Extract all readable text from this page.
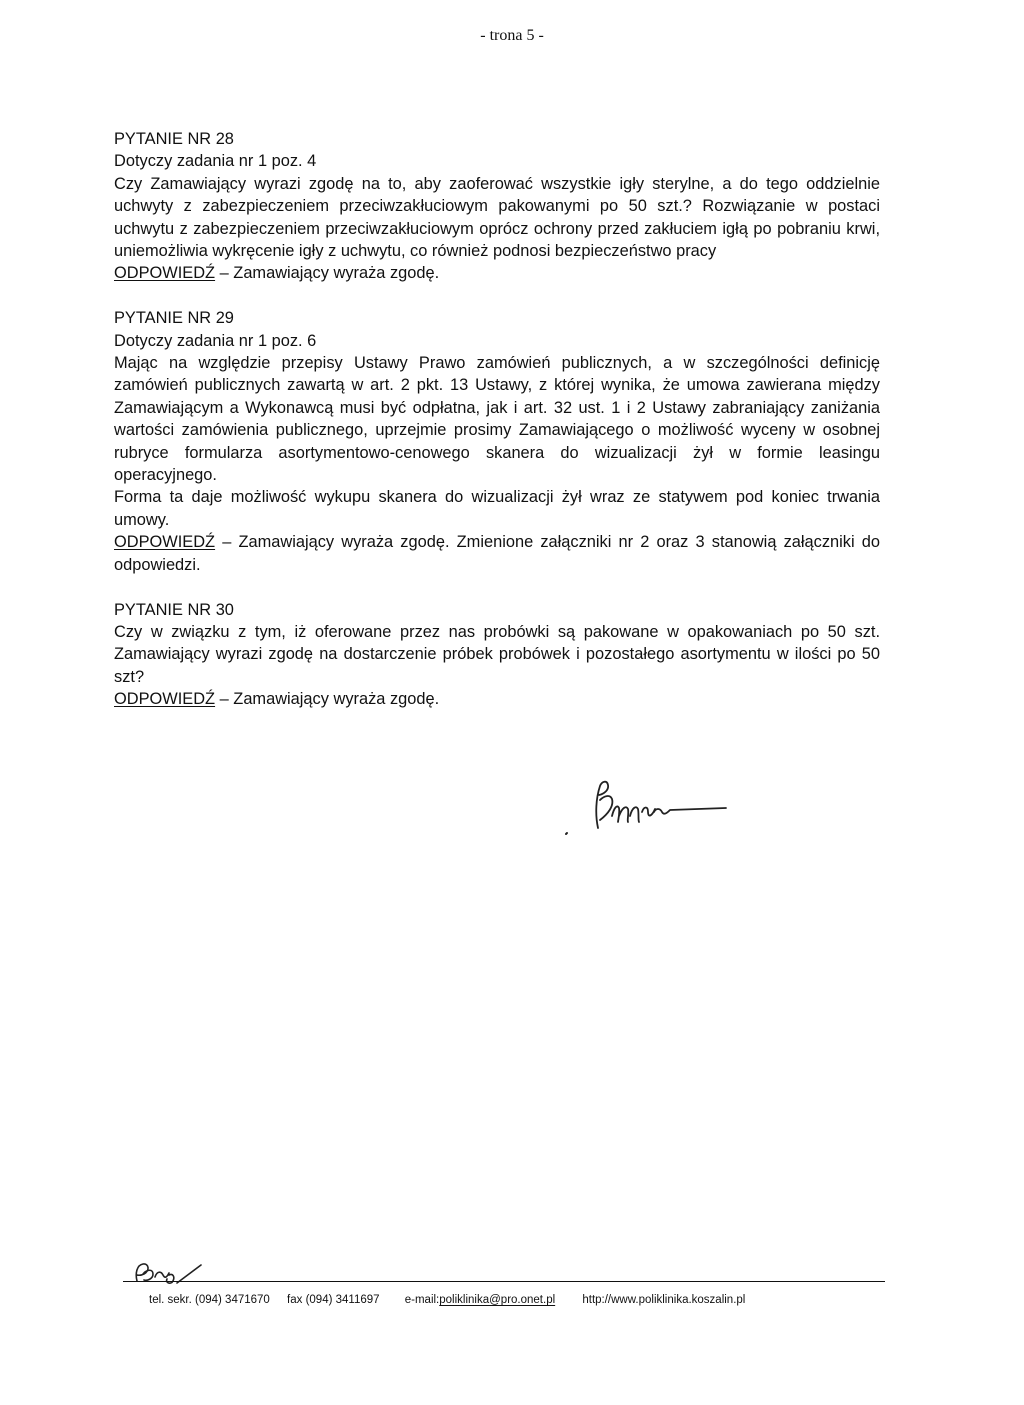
- trona 5 -

PYTANIE NR 28

Dotyczy zadania nr 1 poz. 4

Czy Zamawiający wyrazi zgodę na to, aby zaoferować wszystkie igły sterylne, a do tego oddzielnie uchwyty z zabezpieczeniem przeciwzakłuciowym pakowanymi po 50 szt.? Rozwiązanie w postaci uchwytu z zabezpieczeniem przeciwzakłuciowym oprócz ochrony przed zakłuciem igłą po pobraniu krwi, uniemożliwia wykręcenie igły z uchwytu, co również podnosi bezpieczeństwo pracy

ODPOWIEDŹ – Zamawiający wyraża zgodę.

PYTANIE NR 29

Dotyczy zadania nr 1 poz. 6

Mając na względzie przepisy Ustawy Prawo zamówień publicznych, a w szczególności definicję zamówień publicznych zawartą w art. 2 pkt. 13 Ustawy, z której wynika, że umowa zawierana między Zamawiającym a Wykonawcą musi być odpłatna, jak i art. 32 ust. 1 i 2 Ustawy zabraniający zaniżania wartości zamówienia publicznego, uprzejmie prosimy Zamawiającego o możliwość wyceny w osobnej rubryce formularza asortymentowo-cenowego skanera do wizualizacji żył w formie leasingu operacyjnego.

Forma ta daje możliwość wykupu skanera do wizualizacji żył wraz ze statywem pod koniec trwania umowy.

ODPOWIEDŹ – Zamawiający wyraża zgodę. Zmienione załączniki nr 2 oraz 3 stanowią załączniki do odpowiedzi.

PYTANIE NR 30

Czy w związku z tym, iż oferowane przez nas probówki są pakowane w opakowaniach po 50 szt. Zamawiający wyrazi zgodę na dostarczenie próbek probówek i pozostałego asortymentu w ilości po 50 szt?

ODPOWIEDŹ – Zamawiający wyraża zgodę.

tel. sekr. (094) 3471670 fax (094) 3411697 e-mail:poliklinika@pro.onet.pl http://www.poliklinika.koszalin.pl
